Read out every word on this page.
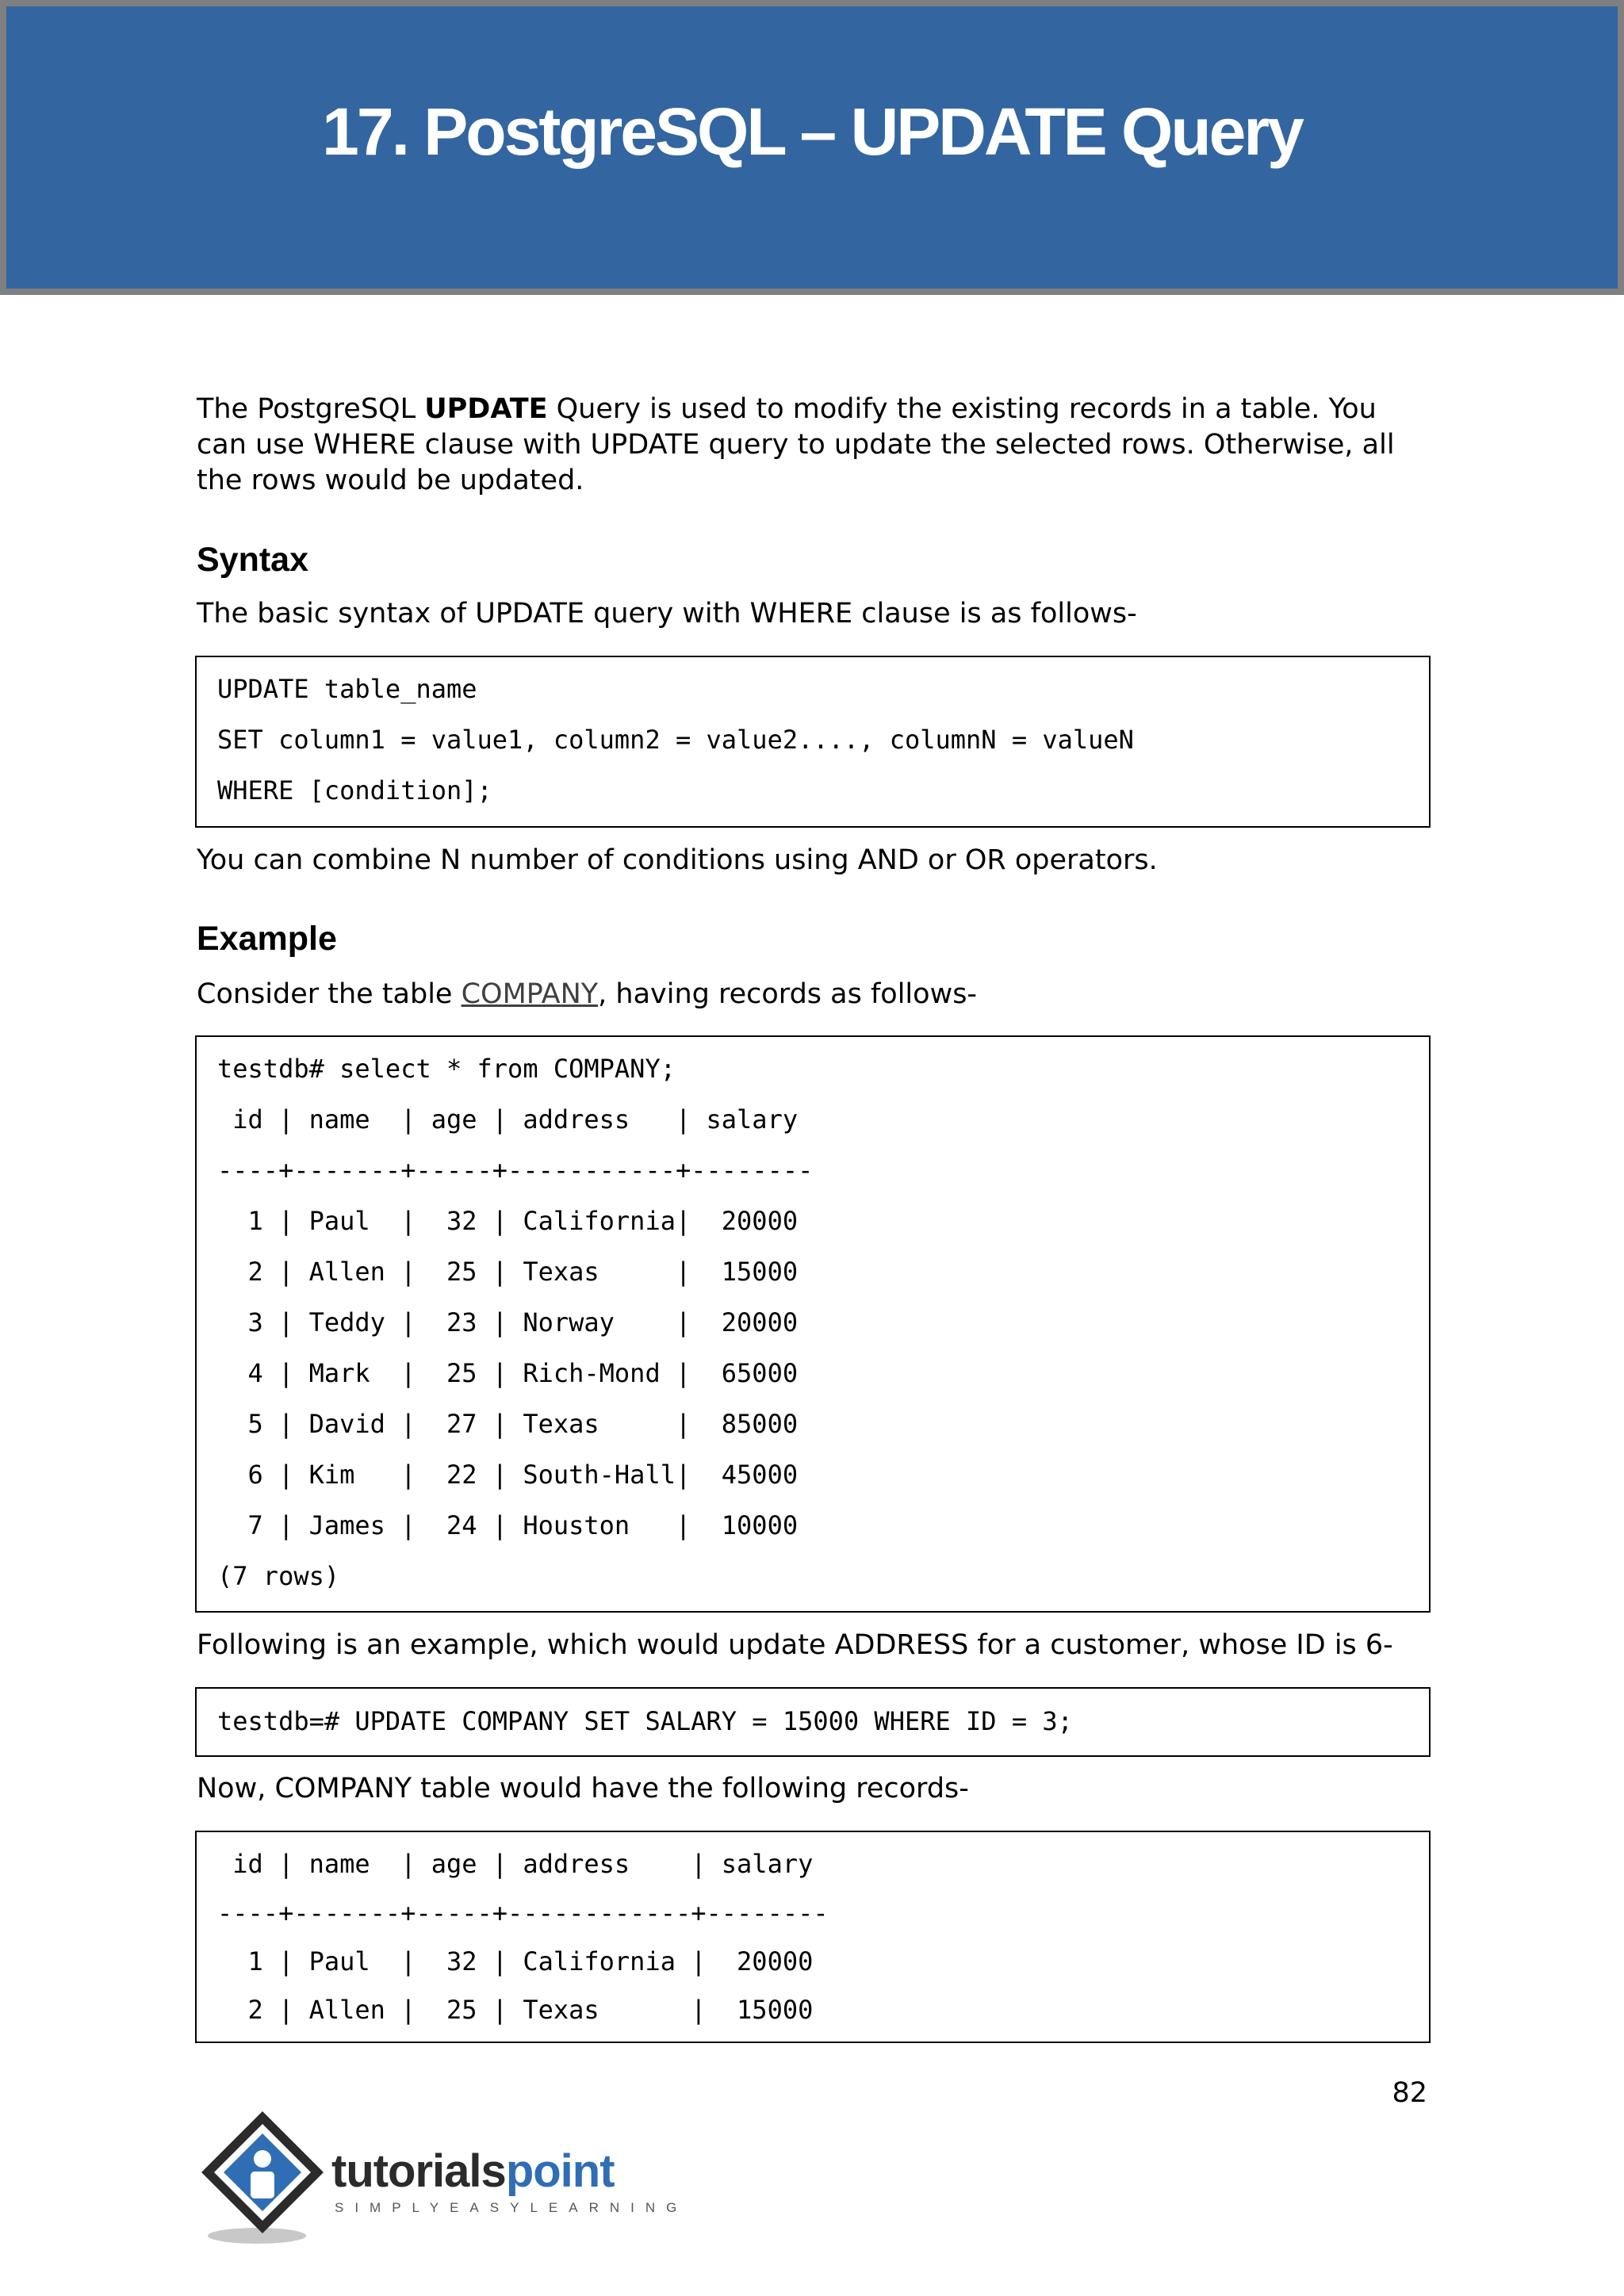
17. PostgreSQL – UPDATE Query

The PostgreSQL UPDATE Query is used to modify the existing records in a table. You can use WHERE clause with UPDATE query to update the selected rows. Otherwise, all the rows would be updated.

Syntax

The basic syntax of UPDATE query with WHERE clause is as follows-

UPDATE table_name
SET column1 = value1, column2 = value2...., columnN = valueN
WHERE [condition];

You can combine N number of conditions using AND or OR operators.

Example

Consider the table COMPANY, having records as follows-

testdb# select * from COMPANY;
id | name  | age | address   | salary
----+-------+-----+-----------+--------
1 | Paul  |  32 | California|  20000
2 | Allen |  25 | Texas     |  15000
3 | Teddy |  23 | Norway    |  20000
4 | Mark  |  25 | Rich-Mond |  65000
5 | David |  27 | Texas     |  85000
6 | Kim   |  22 | South-Hall|  45000
7 | James |  24 | Houston   |  10000
(7 rows)

Following is an example, which would update ADDRESS for a customer, whose ID is 6-

testdb=# UPDATE COMPANY SET SALARY = 15000 WHERE ID = 3;

Now, COMPANY table would have the following records-

id | name  | age | address    | salary
----+-------+-----+------------+--------
1 | Paul  |  32 | California |  20000
2 | Allen |  25 | Texas      |  15000
82
tutorialspoint
SIMPLYEASYLEARNING
